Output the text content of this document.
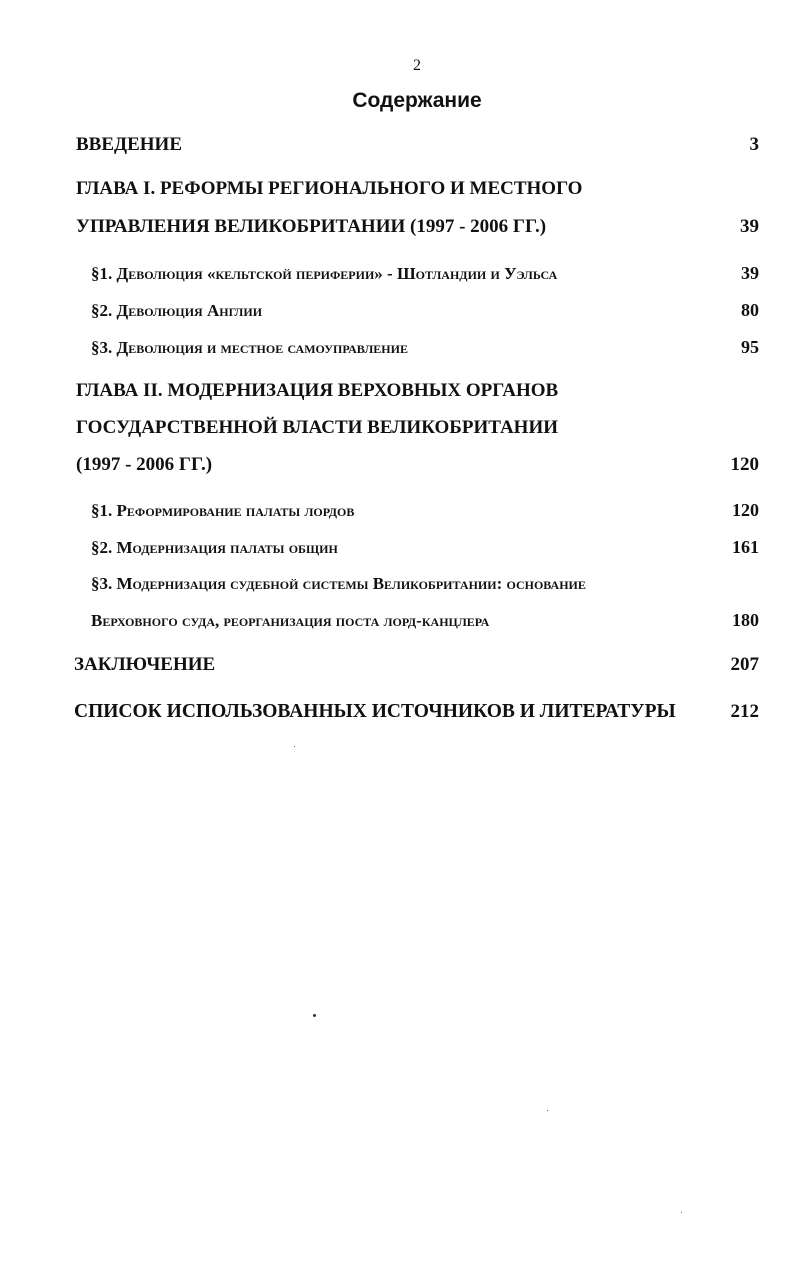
2
Содержание
ВВЕДЕНИЕ	3
ГЛАВА I. РЕФОРМЫ РЕГИОНАЛЬНОГО И МЕСТНОГО
УПРАВЛЕНИЯ ВЕЛИКОБРИТАНИИ (1997 - 2006 ГГ.)	39
§1. Деволюция «кельтской периферии» - Шотландии и Уэльса	39
§2. Деволюция Англии	80
§3. Деволюция и местное самоуправление	95
ГЛАВА II. МОДЕРНИЗАЦИЯ ВЕРХОВНЫХ ОРГАНОВ
ГОСУДАРСТВЕННОЙ ВЛАСТИ ВЕЛИКОБРИТАНИИ
(1997 - 2006 ГГ.)	120
§1. Реформирование палаты лордов	120
§2. Модернизация палаты общин	161
§3. Модернизация судебной системы Великобритании: основание
Верховного суда, реорганизация поста лорд-канцлера	180
ЗАКЛЮЧЕНИЕ	207
СПИСОК ИСПОЛЬЗОВАННЫХ ИСТОЧНИКОВ И ЛИТЕРАТУРЫ	212
